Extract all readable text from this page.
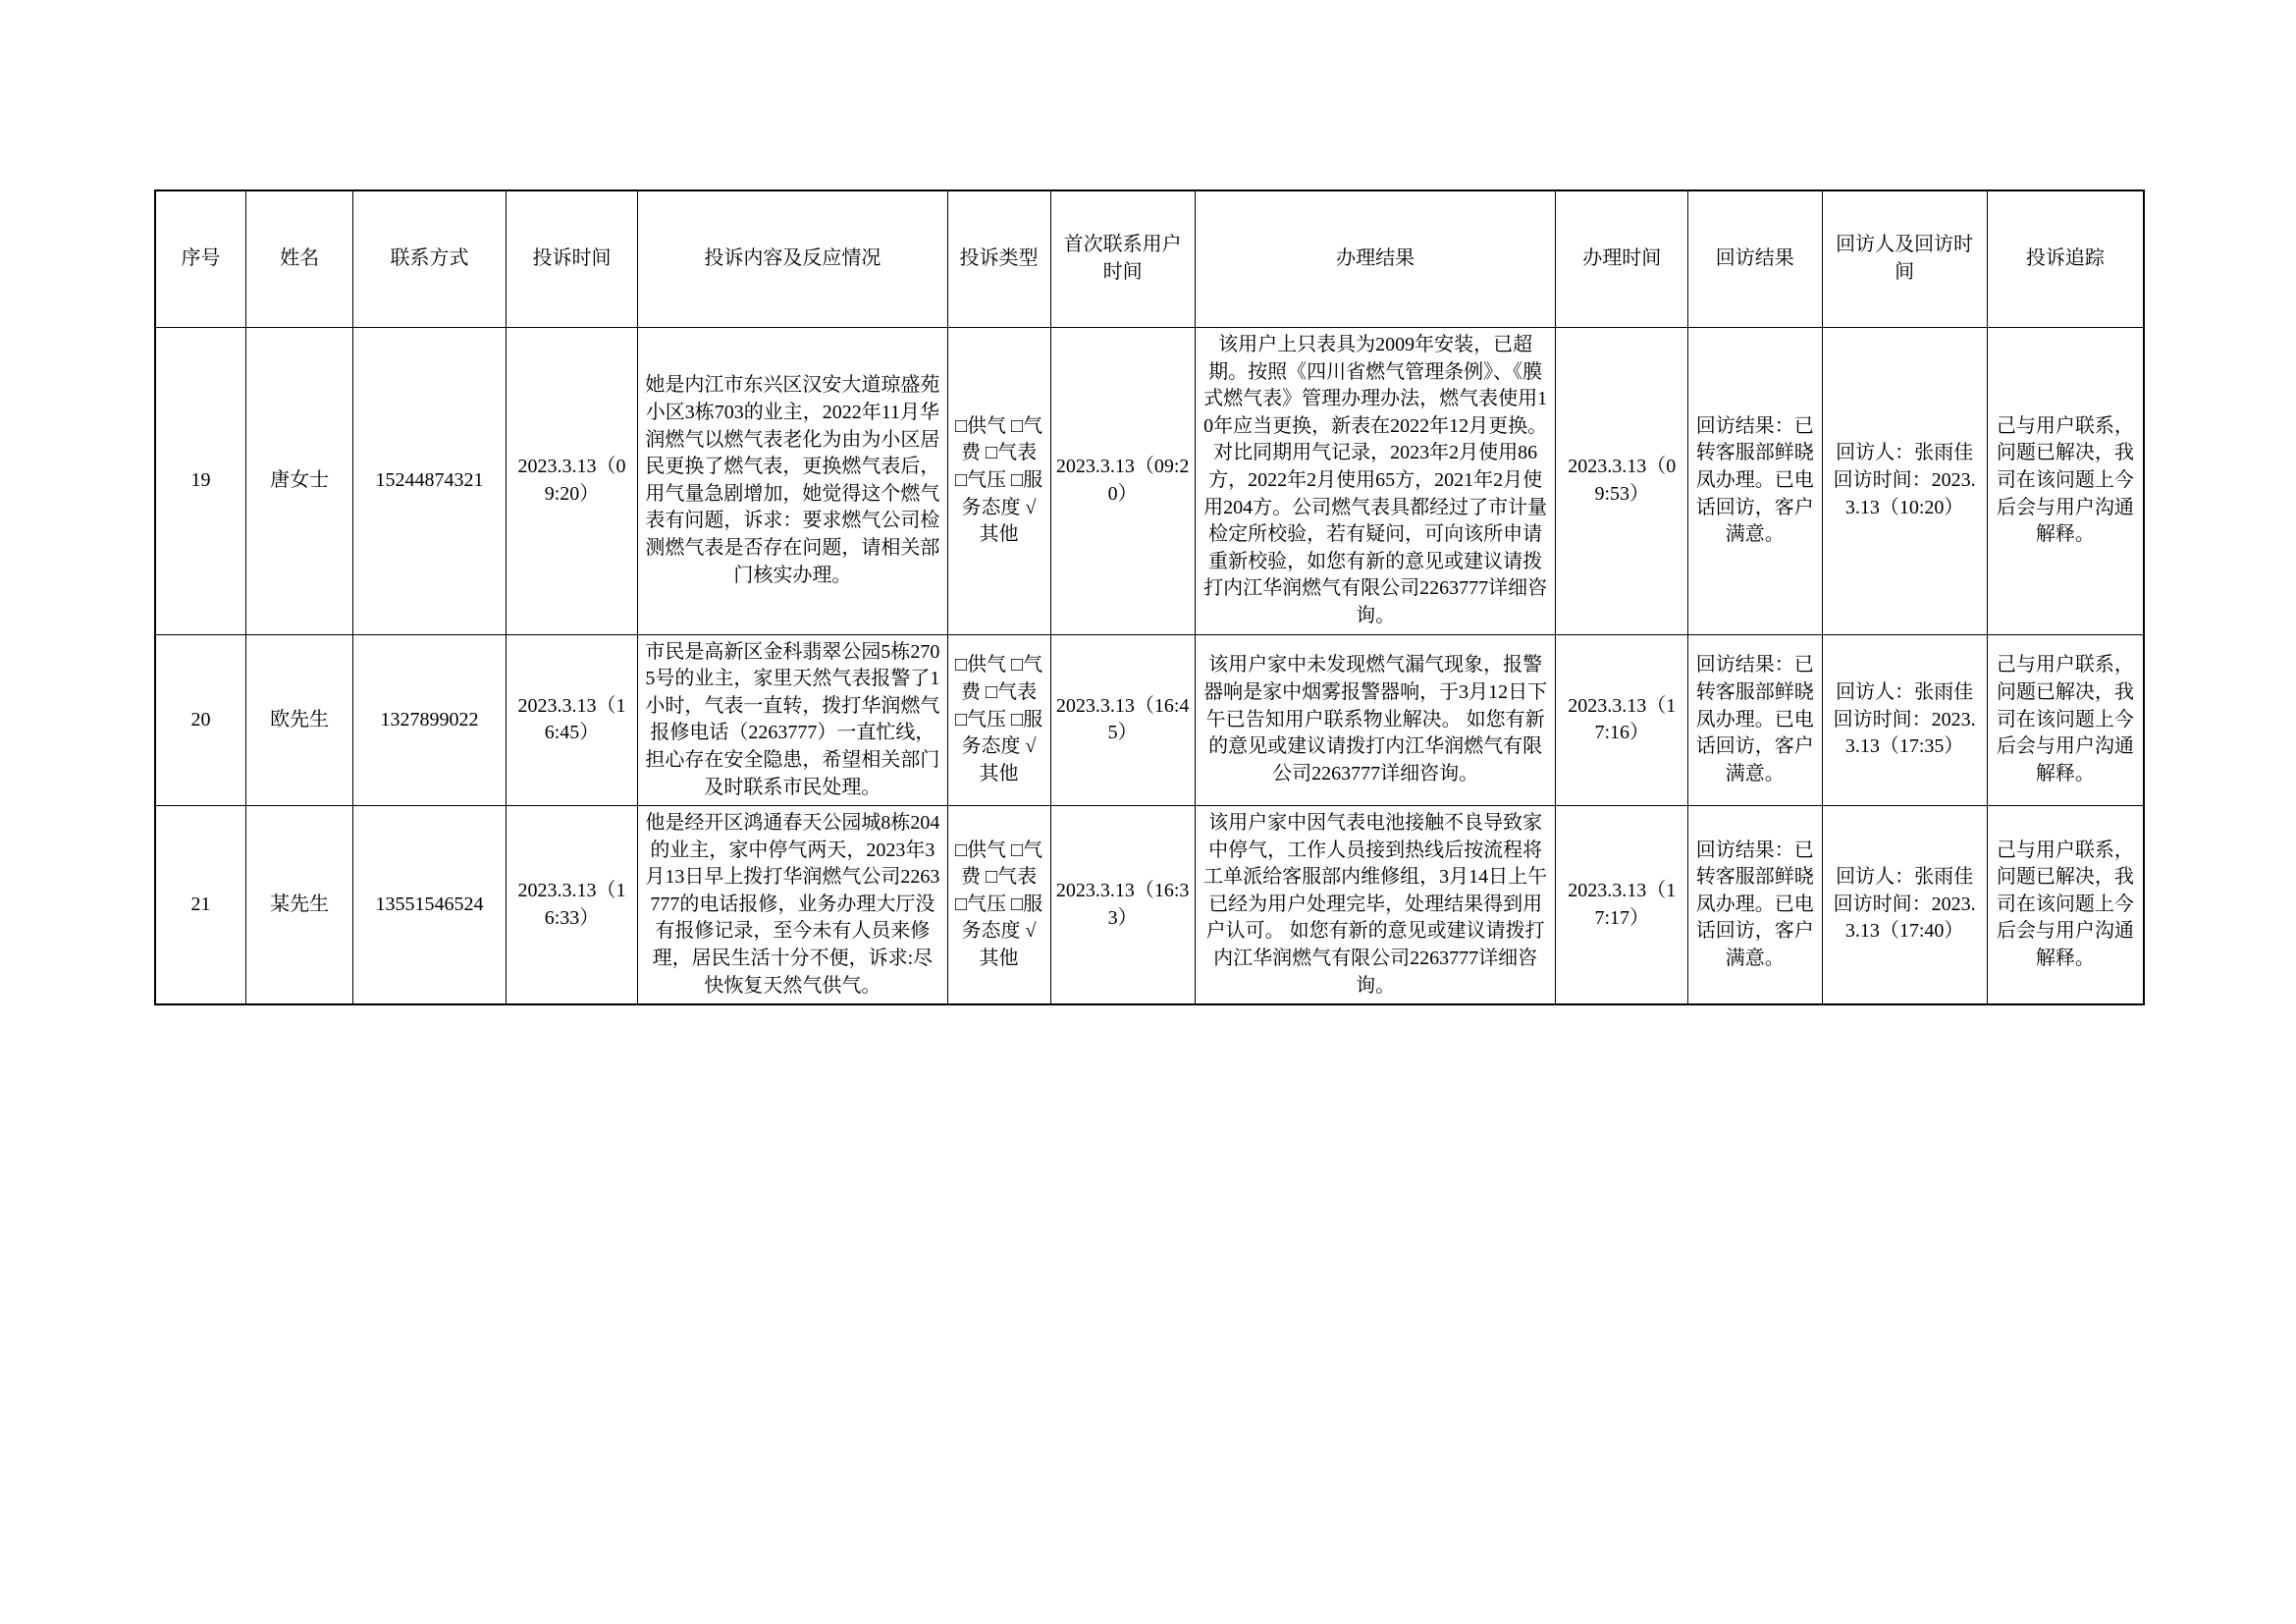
序号	姓名	联系方式	投诉时间	投诉内容及反应情况	投诉类型	首次联系用户时间	办理结果	办理时间	回访结果	回访人及回访时间	投诉追踪
19	唐女士	15244874321	2023.3.13（09:20）	她是内江市东兴区汉安大道琼盛苑小区3栋703的业主，2022年11月华润燃气以燃气表老化为由为小区居民更换了燃气表，更换燃气表后，用气量急剧增加，她觉得这个燃气表有问题，诉求：要求燃气公司检测燃气表是否存在问题，请相关部门核实办理。	□供气 □气费 □气表 □气压 □服务态度 √其他	2023.3.13（09:20）	该用户上只表具为2009年安装，已超期。按照《四川省燃气管理条例》、《膜式燃气表》管理办理办法，燃气表使用10年应当更换，新表在2022年12月更换。对比同期用气记录，2023年2月使用86方，2022年2月使用65方，2021年2月使用204方。公司燃气表具都经过了市计量检定所校验，若有疑问，可向该所申请重新校验，如您有新的意见或建议请拨打内江华润燃气有限公司2263777详细咨询。	2023.3.13（09:53）	回访结果：已转客服部鲜晓凤办理。已电话回访，客户满意。	回访人：张雨佳回访时间：2023.3.13（10:20）	己与用户联系，问题已解决，我司在该问题上今后会与用户沟通解释。
20	欧先生	1327899022	2023.3.13（16:45）	市民是高新区金科翡翠公园5栋2705号的业主，家里天然气表报警了1小时，气表一直转，拨打华润燃气报修电话（2263777）一直忙线，担心存在安全隐患，希望相关部门及时联系市民处理。	□供气 □气费 □气表 □气压 □服务态度 √其他	2023.3.13（16:45）	该用户家中未发现燃气漏气现象，报警器响是家中烟雾报警器响，于3月12日下午已告知用户联系物业解决。 如您有新的意见或建议请拨打内江华润燃气有限公司2263777详细咨询。	2023.3.13（17:16）	回访结果：已转客服部鲜晓凤办理。已电话回访，客户满意。	回访人：张雨佳回访时间：2023.3.13（17:35）	己与用户联系，问题已解决，我司在该问题上今后会与用户沟通解释。
21	某先生	13551546524	2023.3.13（16:33）	他是经开区鸿通春天公园城8栋204的业主，家中停气两天，2023年3月13日早上拨打华润燃气公司2263777的电话报修，业务办理大厅没有报修记录，至今未有人员来修理，居民生活十分不便，诉求:尽快恢复天然气供气。	□供气 □气费 □气表 □气压 □服务态度 √其他	2023.3.13（16:33）	该用户家中因气表电池接触不良导致家中停气，工作人员接到热线后按流程将工单派给客服部内维修组，3月14日上午已经为用户处理完毕，处理结果得到用户认可。 如您有新的意见或建议请拨打内江华润燃气有限公司2263777详细咨询。	2023.3.13（17:17）	回访结果：已转客服部鲜晓凤办理。已电话回访，客户满意。	回访人：张雨佳回访时间：2023.3.13（17:40）	己与用户联系，问题已解决，我司在该问题上今后会与用户沟通解释。
